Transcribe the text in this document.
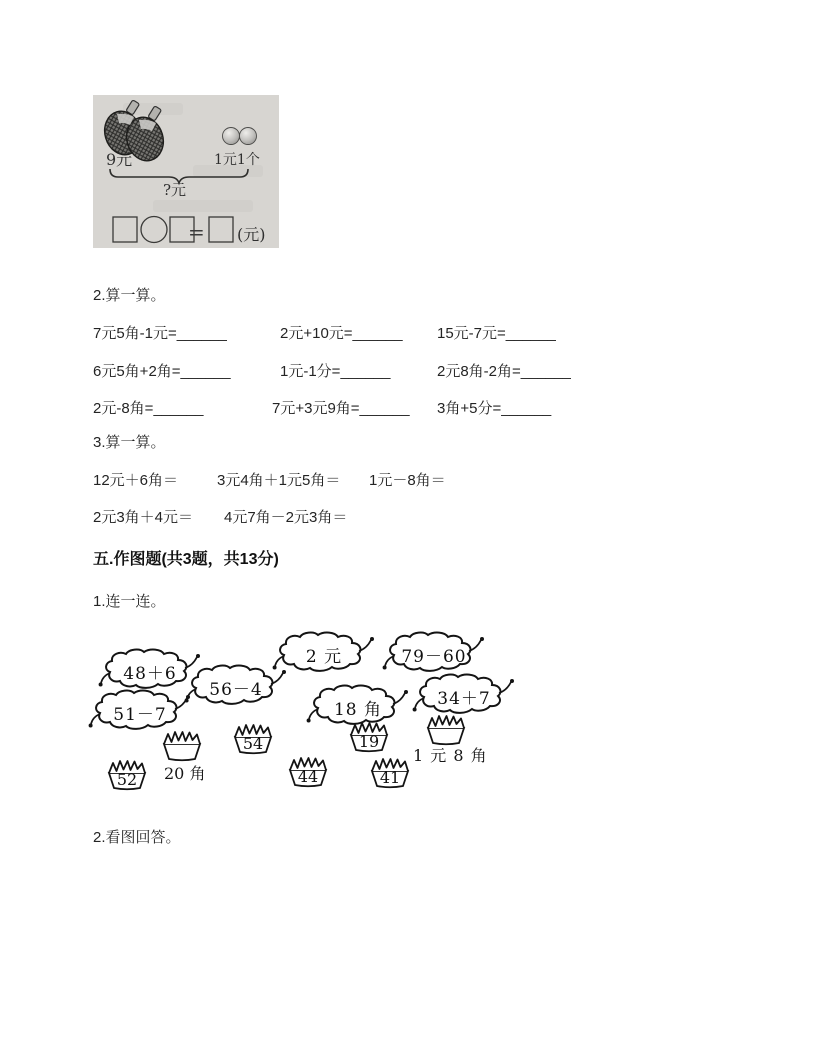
9元	1元1个
?元
= (元)
2.算一算。
7元5角-1元=______	2元+10元=______ 15元-7元=______
6元5角+2角=______	1元-1分=______	2元8角-2角=______
2元-8角=______	7元+3元9角=______ 3角+5分=______
3.算一算。
12元＋6角＝	3元4角＋1元5角＝ 1元－8角＝
2元3角＋4元＝ 4元7角－2元3角＝
五.作图题(共3题，共13分)
1.连一连。
48＋6
56－4
2 元	79－60
51－7	18 角
34＋7
52
54
44
19
41
20 角
1 元 8 角
2.看图回答。
